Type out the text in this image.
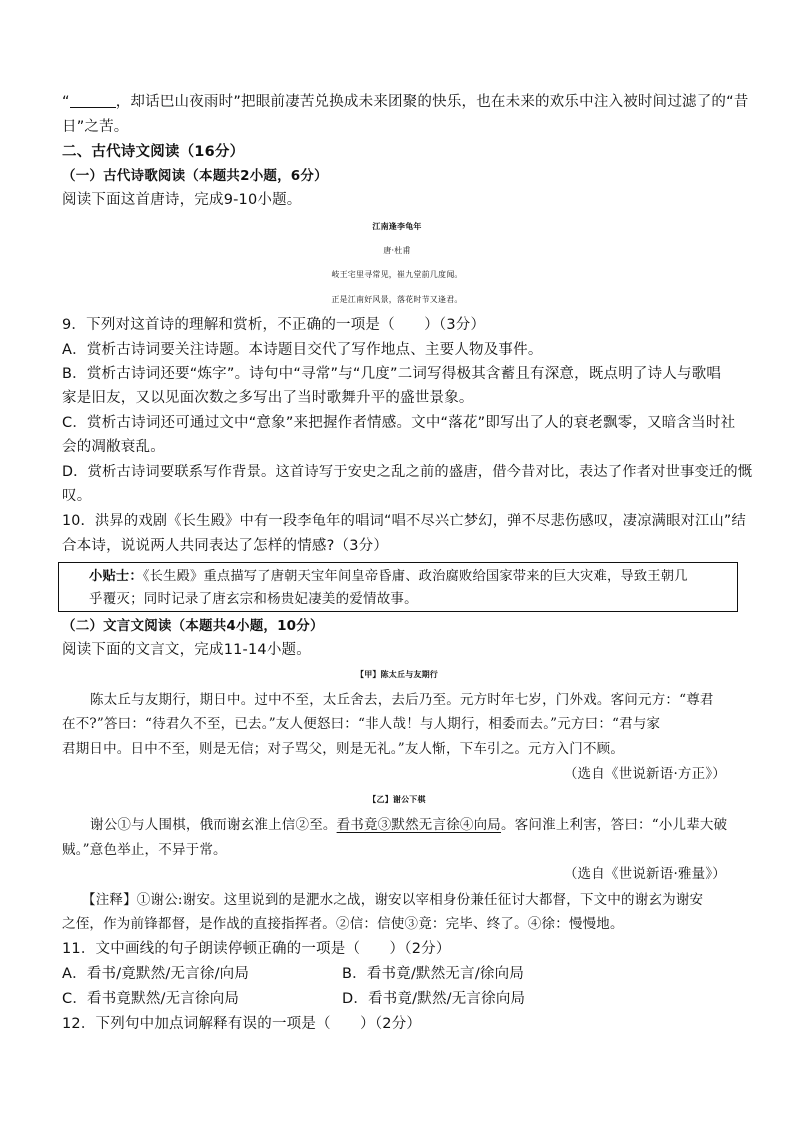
“	，却话巴山夜雨时”把眼前凄苦兑换成未来团聚的快乐，也在未来的欢乐中注入被时间过滤了的“昔
日”之苦。
二、古代诗文阅读（16分）
（一）古代诗歌阅读（本题共2小题，6分）
阅读下面这首唐诗，完成9-10小题。
江南逢李龟年
唐·杜甫
岐王宅里寻常见，崔九堂前几度闻。
正是江南好风景，落花时节又逢君。
9．下列对这首诗的理解和赏析，不正确的一项是（　　）（3分）
A．赏析古诗词要关注诗题。本诗题目交代了写作地点、主要人物及事件。
B．赏析古诗词还要“炼字”。诗句中“寻常”与“几度”二词写得极其含蓄且有深意，既点明了诗人与歌唱
家是旧友，又以见面次数之多写出了当时歌舞升平的盛世景象。
C．赏析古诗词还可通过文中“意象”来把握作者情感。文中“落花”即写出了人的衰老飘零，又暗含当时社
会的凋敝衰乱。
D．赏析古诗词要联系写作背景。这首诗写于安史之乱之前的盛唐，借今昔对比，表达了作者对世事变迁的慨
叹。
10．洪昇的戏剧《长生殿》中有一段李龟年的唱词“唱不尽兴亡梦幻，弹不尽悲伤感叹，凄凉满眼对江山”结
合本诗，说说两人共同表达了怎样的情感?（3分）
小贴士：《长生殿》重点描写了唐朝天宝年间皇帝昏庸、政治腐败给国家带来的巨大灾难，导致王朝几
乎覆灭；同时记录了唐玄宗和杨贵妃凄美的爱情故事。
（二）文言文阅读（本题共4小题，10分）
阅读下面的文言文，完成11-14小题。
【甲】陈太丘与友期行
陈太丘与友期行，期日中。过中不至，太丘舍去，去后乃至。元方时年七岁，门外戏。客问元方：“尊君
在不?”答曰：“待君久不至，已去。”友人便怒曰：“非人哉！与人期行，相委而去。”元方曰：“君与家
君期日中。日中不至，则是无信；对子骂父，则是无礼。”友人惭，下车引之。元方入门不顾。
（选自《世说新语·方正》）
【乙】谢公下棋
谢公①与人围棋，俄而谢玄淮上信②至。看书竟③默然无言徐④向局。客问淮上利害，答曰：“小儿辈大破
贼。”意色举止，不异于常。
（选自《世说新语·雅量》）
【注释】①谢公:谢安。这里说到的是淝水之战，谢安以宰相身份兼任征讨大都督，下文中的谢玄为谢安
之侄，作为前锋都督，是作战的直接指挥者。②信：信使③竟：完毕、终了。④徐：慢慢地。
11．文中画线的句子朗读停顿正确的一项是（　　）（2分）
A．看书/竟默然/无言徐/向局	B．看书竟/默然无言/徐向局
C．看书竟默然/无言徐向局	D．看书竟/默然/无言徐向局
12．下列句中加点词解释有误的一项是（　　）（2分）
